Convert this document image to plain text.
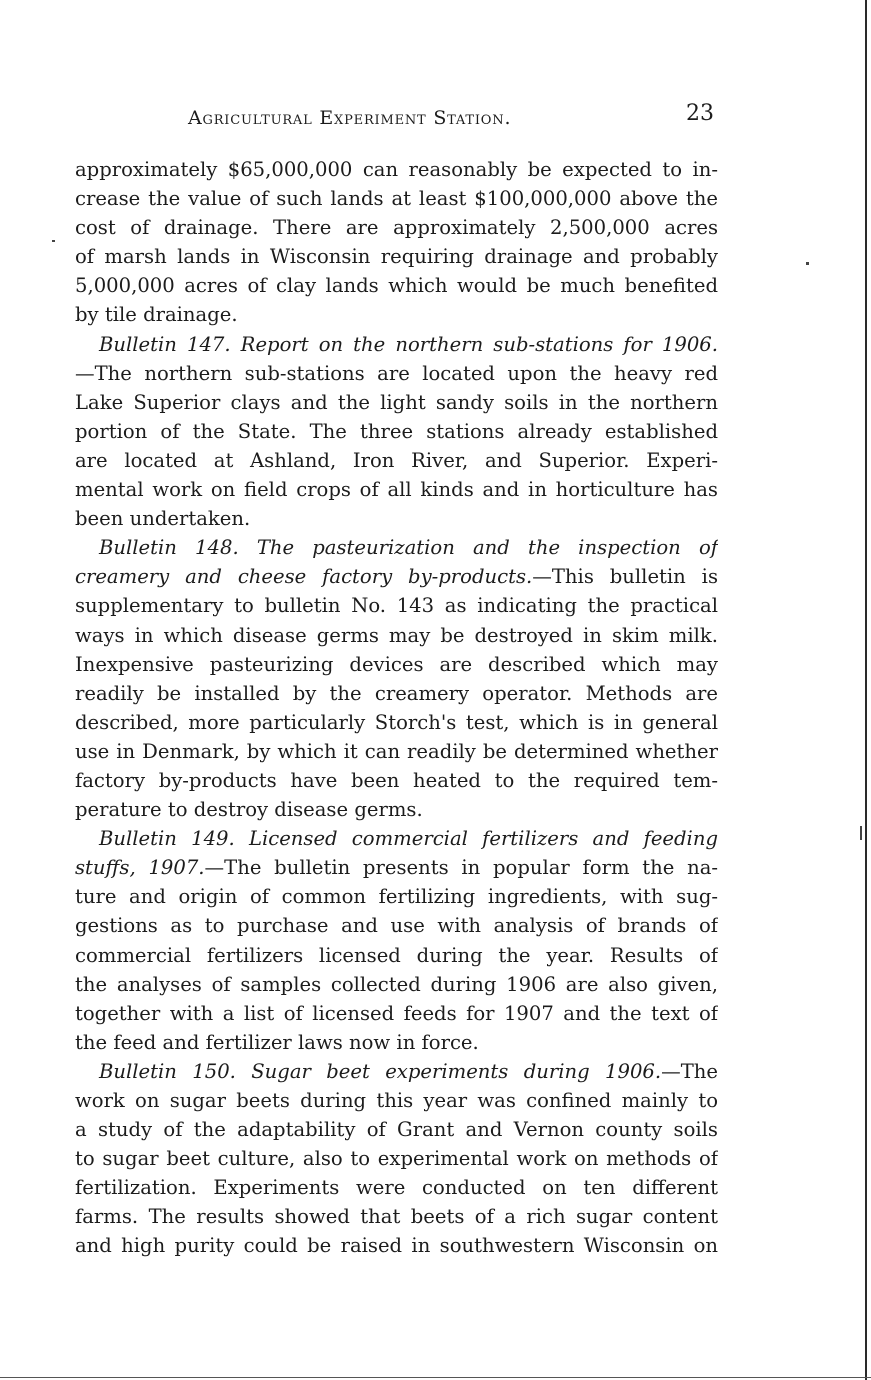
Agricultural Experiment Station.	23
approximately $65,000,000 can reasonably be expected to in-
crease the value of such lands at least $100,000,000 above the
cost of drainage. There are approximately 2,500,000 acres
of marsh lands in Wisconsin requiring drainage and probably
5,000,000 acres of clay lands which would be much benefited
by tile drainage.
Bulletin 147. Report on the northern sub-stations for 1906.
—The northern sub-stations are located upon the heavy red
Lake Superior clays and the light sandy soils in the northern
portion of the State. The three stations already established
are located at Ashland, Iron River, and Superior. Experi-
mental work on field crops of all kinds and in horticulture has
been undertaken.
Bulletin 148. The pasteurization and the inspection of
creamery and cheese factory by-products.—This bulletin is
supplementary to bulletin No. 143 as indicating the practical
ways in which disease germs may be destroyed in skim milk.
Inexpensive pasteurizing devices are described which may
readily be installed by the creamery operator. Methods are
described, more particularly Storch's test, which is in general
use in Denmark, by which it can readily be determined whether
factory by-products have been heated to the required tem-
perature to destroy disease germs.
Bulletin 149. Licensed commercial fertilizers and feeding
stuffs, 1907.—The bulletin presents in popular form the na-
ture and origin of common fertilizing ingredients, with sug-
gestions as to purchase and use with analysis of brands of
commercial fertilizers licensed during the year. Results of
the analyses of samples collected during 1906 are also given,
together with a list of licensed feeds for 1907 and the text of
the feed and fertilizer laws now in force.
Bulletin 150. Sugar beet experiments during 1906.—The
work on sugar beets during this year was confined mainly to
a study of the adaptability of Grant and Vernon county soils
to sugar beet culture, also to experimental work on methods of
fertilization. Experiments were conducted on ten different
farms. The results showed that beets of a rich sugar content
and high purity could be raised in southwestern Wisconsin on
